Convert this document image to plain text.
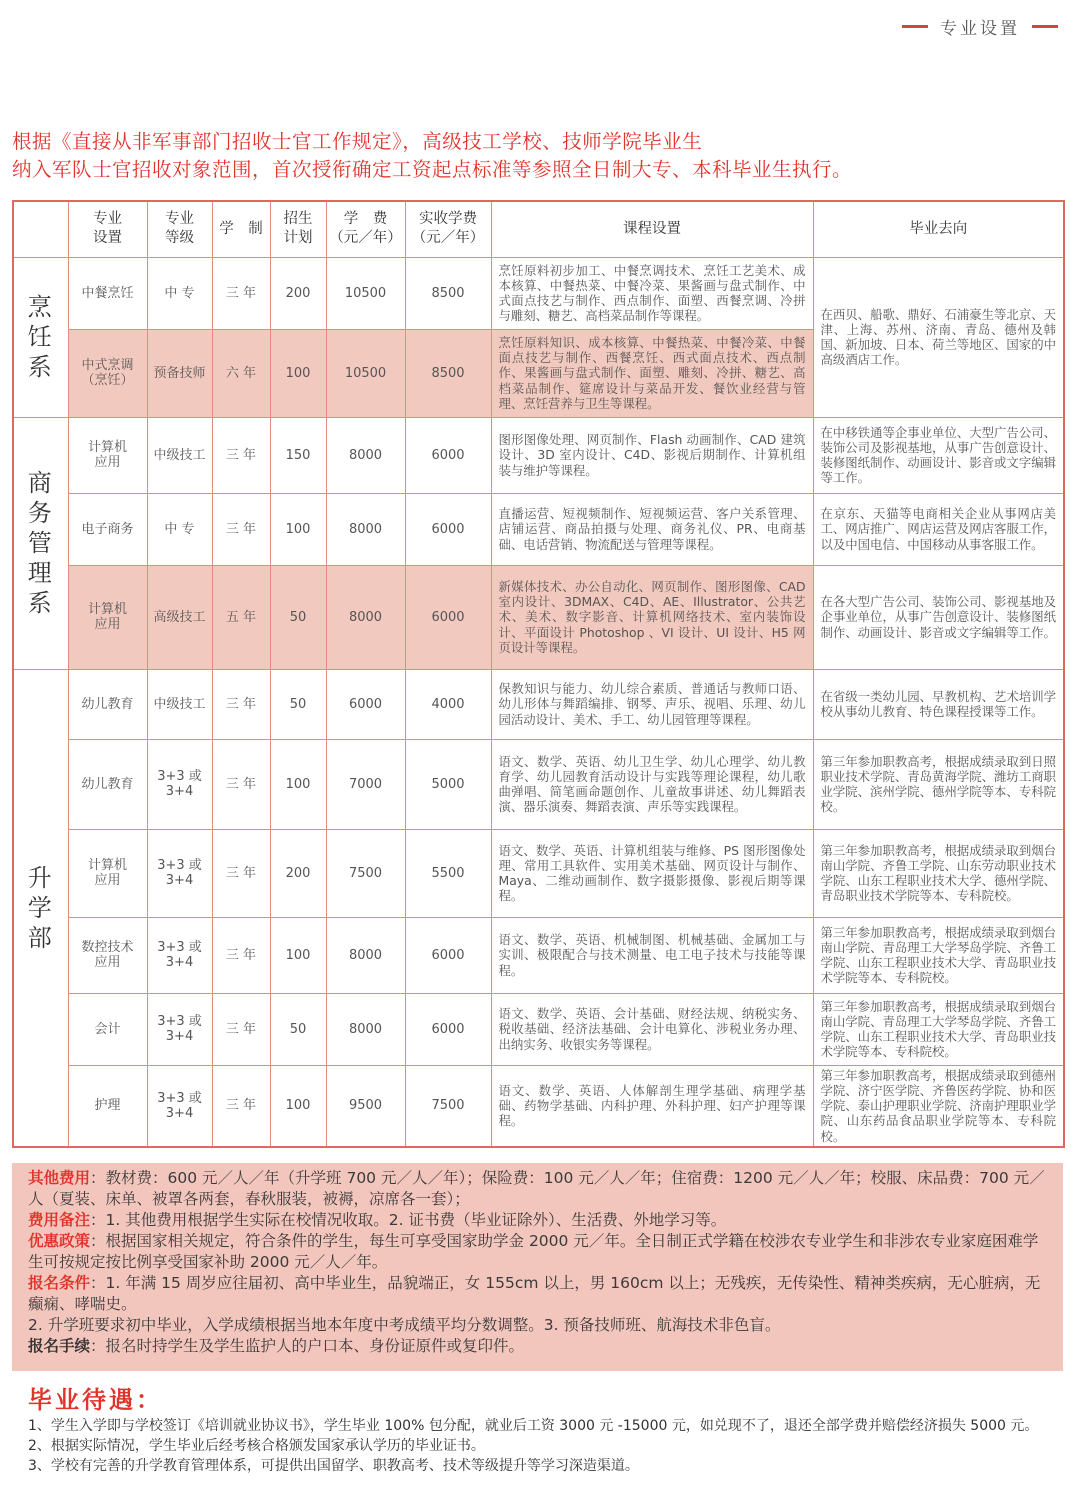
专业设置
根据《直接从非军事部门招收士官工作规定》，高级技工学校、技师学院毕业生
纳入军队士官招收对象范围，首次授衔确定工资起点标准等参照全日制大专、本科毕业生执行。
	专业
设置	专业
等级	学　制	招生
计划	学　费
（元／年）	实收学费
（元／年）	课程设置	毕业去向
烹
饪
系	中餐烹饪	中 专	三 年	200	10500	8500	烹饪原料初步加工、中餐烹调技术、烹饪工艺美术、成本核算、中餐热菜、中餐冷菜、果酱画与盘式制作、中式面点技艺与制作、西点制作、面塑、西餐烹调、冷拼与雕刻、糖艺、高档菜品制作等课程。	在西贝、船歌、鼎好、石浦豪生等北京、天津、上海、苏州、济南、青岛、德州及韩国、新加坡、日本、荷兰等地区、国家的中高级酒店工作。
	中式烹调
（烹饪）	预备技师	六 年	100	10500	8500	烹饪原料知识、成本核算、中餐热菜、中餐冷菜、中餐面点技艺与制作、西餐烹饪、西式面点技术、西点制作、果酱画与盘式制作、面塑、雕刻、冷拼、糖艺、高档菜品制作、筵席设计与菜品开发、餐饮业经营与管理、烹饪营养与卫生等课程。	
商
务
管
理
系	计算机
应用	中级技工	三 年	150	8000	6000	图形图像处理、网页制作、Flash 动画制作、CAD 建筑设计、3D 室内设计、C4D、影视后期制作、计算机组装与维护等课程。	在中移铁通等企事业单位、大型广告公司、装饰公司及影视基地，从事广告创意设计、装修图纸制作、动画设计、影音或文字编辑等工作。
	电子商务	中 专	三 年	100	8000	6000	直播运营、短视频制作、短视频运营、客户关系管理、店铺运营、商品拍摄与处理、商务礼仪、PR、电商基础、电话营销、物流配送与管理等课程。	在京东、天猫等电商相关企业从事网店美工、网店推广、网店运营及网店客服工作，以及中国电信、中国移动从事客服工作。
	计算机
应用	高级技工	五 年	50	8000	6000	新媒体技术、办公自动化、网页制作、图形图像、CAD 室内设计、3DMAX、C4D、AE、Illustrator、公共艺术、美术、数字影音、计算机网络技术、室内装饰设计、平面设计 Photoshop 、VI 设计、UI 设计、H5 网页设计等课程。	在各大型广告公司、装饰公司、影视基地及企事业单位，从事广告创意设计、装修图纸制作、动画设计、影音或文字编辑等工作。
升
学
部	幼儿教育	中级技工	三 年	50	6000	4000	保教知识与能力、幼儿综合素质、普通话与教师口语、幼儿形体与舞蹈编排、钢琴、声乐、视唱、乐理、幼儿园活动设计、美术、手工、幼儿园管理等课程。	在省级一类幼儿园、早教机构、艺术培训学校从事幼儿教育、特色课程授课等工作。
	幼儿教育	3+3 或
3+4	三 年	100	7000	5000	语文、数学、英语、幼儿卫生学、幼儿心理学、幼儿教育学、幼儿园教育活动设计与实践等理论课程，幼儿歌曲弹唱、简笔画命题创作、儿童故事讲述、幼儿舞蹈表演、器乐演奏、舞蹈表演、声乐等实践课程。	第三年参加职教高考，根据成绩录取到日照职业技术学院、青岛黄海学院、潍坊工商职业学院、滨州学院、德州学院等本、专科院校。
	计算机
应用	3+3 或
3+4	三 年	200	7500	5500	语文、数学、英语、计算机组装与维修、PS 图形图像处理、常用工具软件、实用美术基础、网页设计与制作、Maya、二维动画制作、数字摄影摄像、影视后期等课程。	第三年参加职教高考，根据成绩录取到烟台南山学院、齐鲁工学院、山东劳动职业技术学院、山东工程职业技术大学、德州学院、青岛职业技术学院等本、专科院校。
	数控技术
应用	3+3 或
3+4	三 年	100	8000	6000	语文、数学、英语、机械制图、机械基础、金属加工与实训、极限配合与技术测量、电工电子技术与技能等课程。	第三年参加职教高考，根据成绩录取到烟台南山学院、青岛理工大学琴岛学院、齐鲁工学院、山东工程职业技术大学、青岛职业技术学院等本、专科院校。
	会计	3+3 或
3+4	三 年	50	8000	6000	语文、数学、英语、会计基础、财经法规、纳税实务、税收基础、经济法基础、会计电算化、涉税业务办理、出纳实务、收银实务等课程。	第三年参加职教高考，根据成绩录取到烟台南山学院、青岛理工大学琴岛学院、齐鲁工学院、山东工程职业技术大学、青岛职业技术学院等本、专科院校。
	护理	3+3 或
3+4	三 年	100	9500	7500	语文、数学、英语、人体解剖生理学基础、病理学基础、药物学基础、内科护理、外科护理、妇产护理等课程。	第三年参加职教高考，根据成绩录取到德州学院、济宁医学院、齐鲁医药学院、协和医学院、泰山护理职业学院、济南护理职业学院、山东药品食品职业学院等本、专科院校。
其他费用：教材费：600 元／人／年（升学班 700 元／人／年）；保险费：100 元／人／年；住宿费：1200 元／人／年；校服、床品费：700 元／人（夏装、床单、被罩各两套，春秋服装，被褥，凉席各一套）；
费用备注：1. 其他费用根据学生实际在校情况收取。2. 证书费（毕业证除外）、生活费、外地学习等。
优惠政策：根据国家相关规定，符合条件的学生，每生可享受国家助学金 2000 元／年。全日制正式学籍在校涉农专业学生和非涉农专业家庭困难学生可按规定按比例享受国家补助 2000 元／人／年。
报名条件：1. 年满 15 周岁应往届初、高中毕业生，品貌端正，女 155cm 以上，男 160cm 以上；无残疾，无传染性、精神类疾病，无心脏病，无癫痫、哮喘史。
2. 升学班要求初中毕业，入学成绩根据当地本年度中考成绩平均分数调整。3. 预备技师班、航海技术非色盲。
报名手续：报名时持学生及学生监护人的户口本、身份证原件或复印件。
毕业待遇：
1、学生入学即与学校签订《培训就业协议书》，学生毕业 100% 包分配，就业后工资 3000 元 -15000 元，如兑现不了，退还全部学费并赔偿经济损失 5000 元。
2、根据实际情况，学生毕业后经考核合格颁发国家承认学历的毕业证书。
3、学校有完善的升学教育管理体系，可提供出国留学、职教高考、技术等级提升等学习深造渠道。
